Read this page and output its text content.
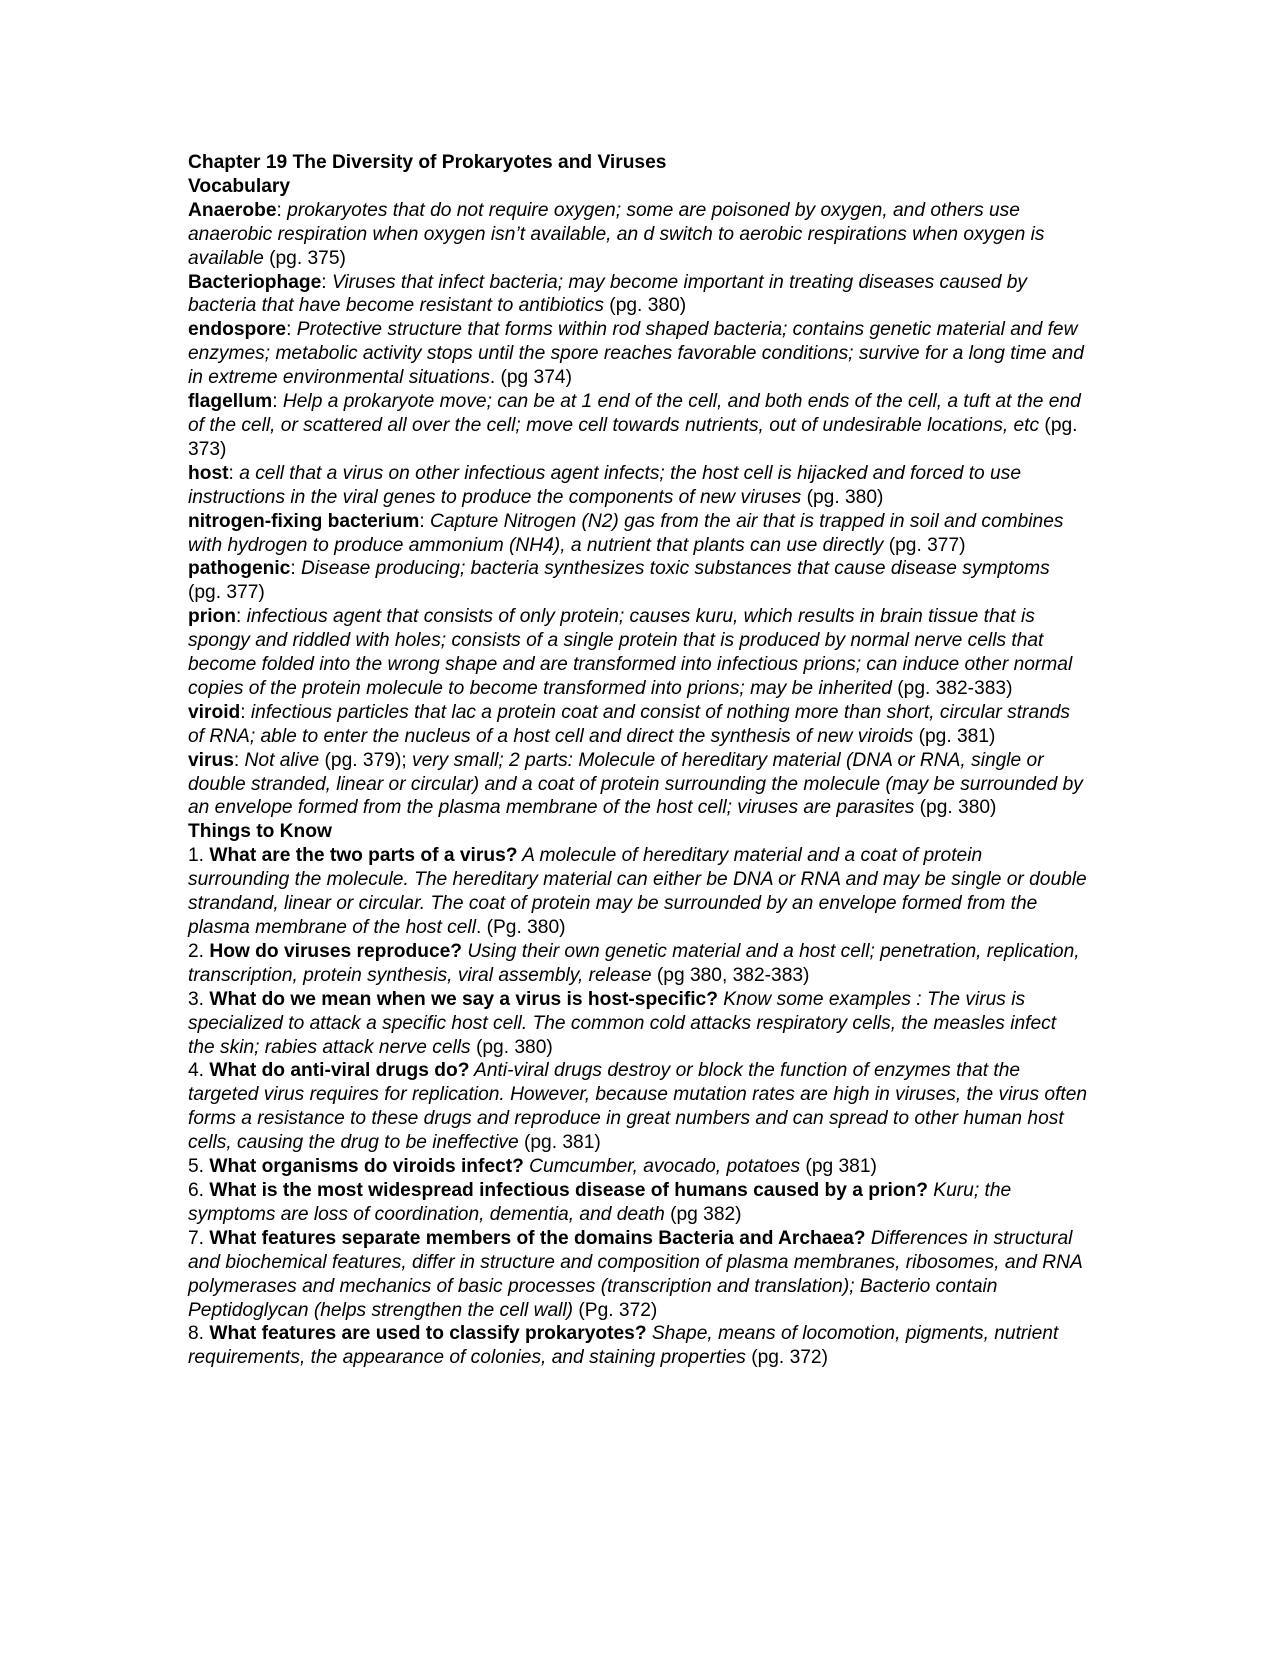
Chapter 19 The Diversity of Prokaryotes and Viruses
Vocabulary
Anaerobe: prokaryotes that do not require oxygen; some are poisoned by oxygen, and others use anaerobic respiration when oxygen isn’t available, an d switch to aerobic respirations when oxygen is available (pg. 375)
Bacteriophage: Viruses that infect bacteria; may become important in treating diseases caused by bacteria that have become resistant to antibiotics (pg. 380)
endospore: Protective structure that forms within rod shaped bacteria; contains genetic material and few enzymes; metabolic activity stops until the spore reaches favorable conditions; survive for a long time and in extreme environmental situations. (pg 374)
flagellum: Help a prokaryote move; can be at 1 end of the cell, and both ends of the cell, a tuft at the end of the cell, or scattered all over the cell; move cell towards nutrients, out of undesirable locations, etc (pg. 373)
host: a cell that a virus on other infectious agent infects; the host cell is hijacked and forced to use instructions in the viral genes to produce the components of new viruses (pg. 380)
nitrogen-fixing bacterium: Capture Nitrogen (N2) gas from the air that is trapped in soil and combines with hydrogen to produce ammonium (NH4), a nutrient that plants can use directly (pg. 377)
pathogenic: Disease producing; bacteria synthesizes toxic substances that cause disease symptoms (pg. 377)
prion: infectious agent that consists of only protein; causes kuru, which results in brain tissue that is spongy and riddled with holes; consists of a single protein that is produced by normal nerve cells that become folded into the wrong shape and are transformed into infectious prions; can induce other normal copies of the protein molecule to become transformed into prions; may be inherited (pg. 382-383)
viroid: infectious particles that lac a protein coat and consist of nothing more than short, circular strands of RNA; able to enter the nucleus of a host cell and direct the synthesis of new viroids (pg. 381)
virus: Not alive (pg. 379); very small; 2 parts: Molecule of hereditary material (DNA or RNA, single or double stranded, linear or circular) and a coat of protein surrounding the molecule (may be surrounded by an envelope formed from the plasma membrane of the host cell; viruses are parasites (pg. 380)
Things to Know
1. What are the two parts of a virus? A molecule of hereditary material and a coat of protein surrounding the molecule. The hereditary material can either be DNA or RNA and may be single or double strandand, linear or circular. The coat of protein may be surrounded by an envelope formed from the plasma membrane of the host cell. (Pg. 380)
2. How do viruses reproduce? Using their own genetic material and a host cell; penetration, replication, transcription, protein synthesis, viral assembly, release (pg 380, 382-383)
3. What do we mean when we say a virus is host-specific? Know some examples : The virus is specialized to attack a specific host cell. The common cold attacks respiratory cells, the measles infect the skin; rabies attack nerve cells (pg. 380)
4. What do anti-viral drugs do? Anti-viral drugs destroy or block the function of enzymes that the targeted virus requires for replication. However, because mutation rates are high in viruses, the virus often forms a resistance to these drugs and reproduce in great numbers and can spread to other human host cells, causing the drug to be ineffective (pg. 381)
5. What organisms do viroids infect? Cumcumber, avocado, potatoes (pg 381)
6. What is the most widespread infectious disease of humans caused by a prion? Kuru; the symptoms are loss of coordination, dementia, and death (pg 382)
7. What features separate members of the domains Bacteria and Archaea? Differences in structural and biochemical features, differ in structure and composition of plasma membranes, ribosomes, and RNA polymerases and mechanics of basic processes (transcription and translation); Bacterio contain Peptidoglycan (helps strengthen the cell wall) (Pg. 372)
8. What features are used to classify prokaryotes? Shape, means of locomotion, pigments, nutrient requirements, the appearance of colonies, and staining properties (pg. 372)
